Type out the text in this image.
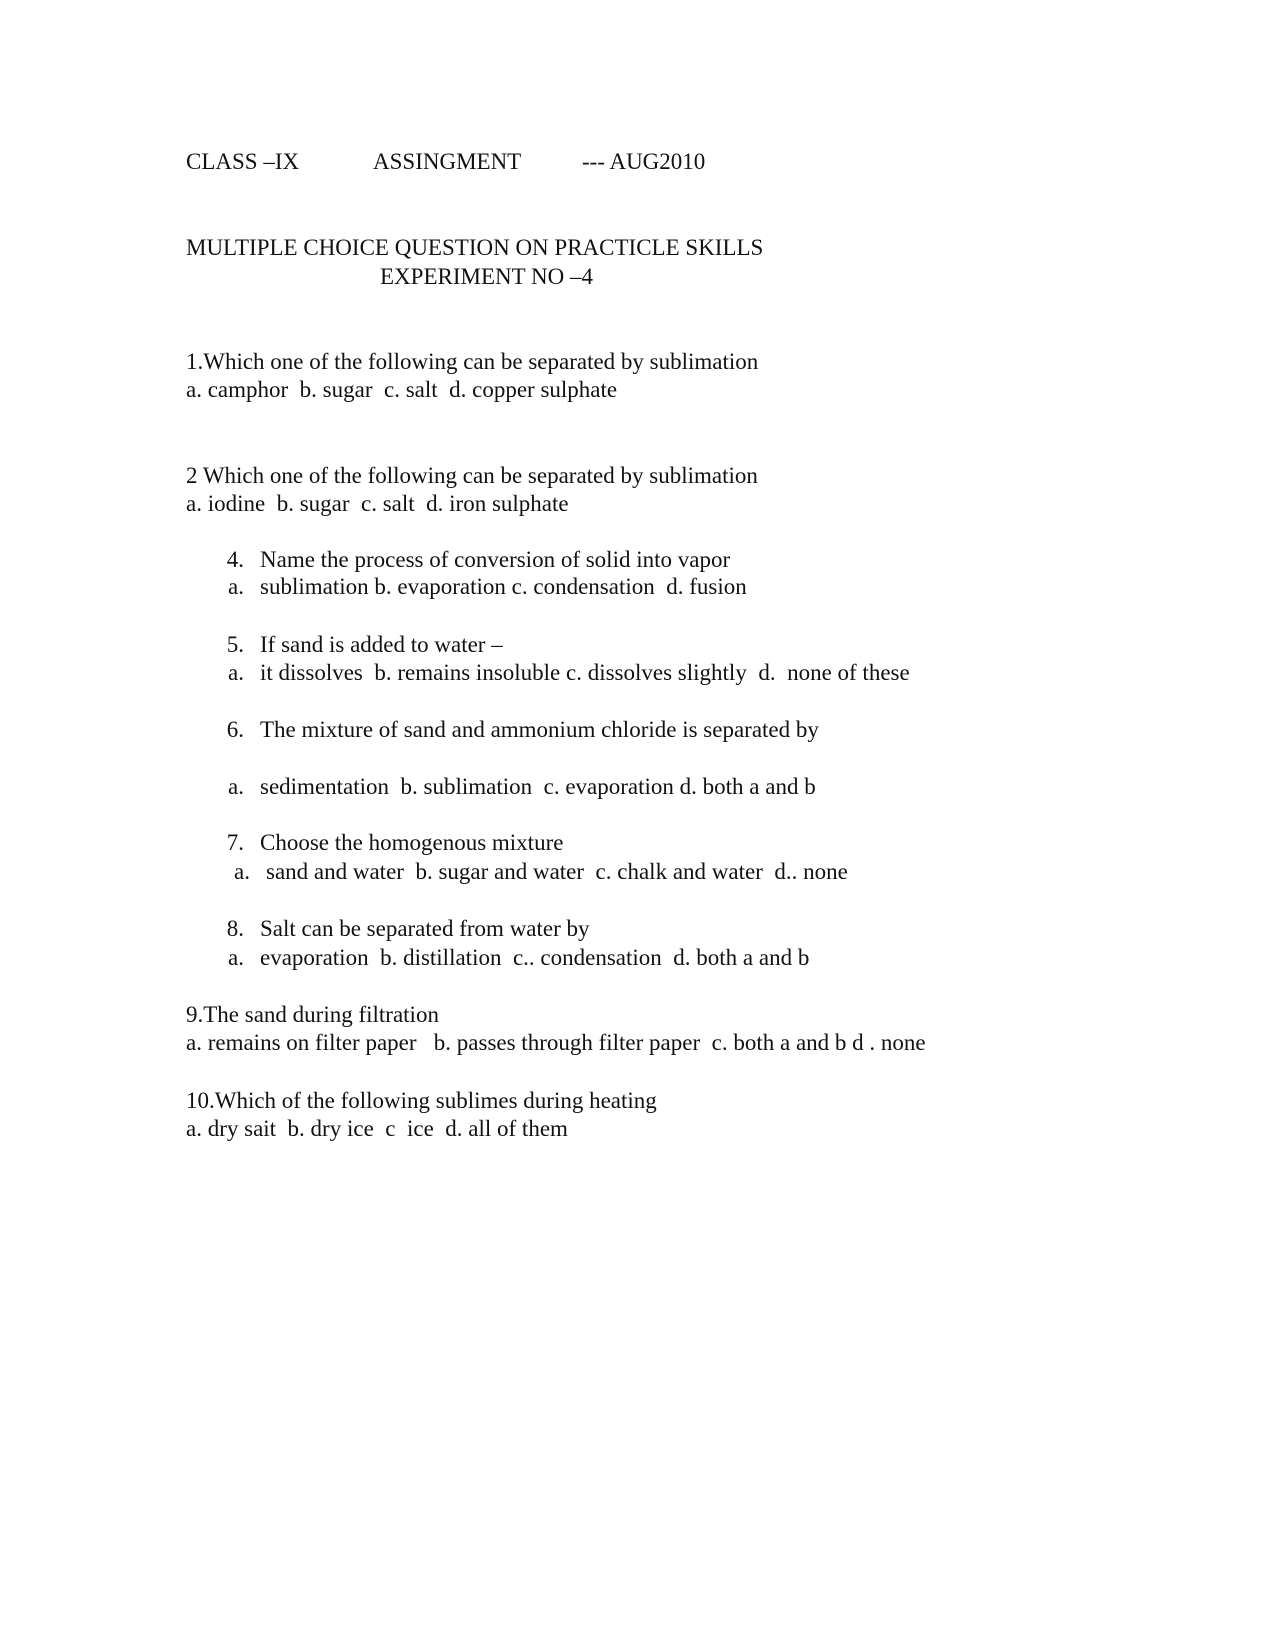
CLASS –IX	ASSINGMENT	--- AUG2010
MULTIPLE CHOICE QUESTION ON PRACTICLE SKILLS
EXPERIMENT NO –4
1.Which one of the following can be separated by sublimation
a. camphor  b. sugar  c. salt  d. copper sulphate
2 Which one of the following can be separated by sublimation
a. iodine  b. sugar  c. salt  d. iron sulphate
4. Name the process of conversion of solid into vapor
a. sublimation b. evaporation c. condensation  d. fusion
5. If sand is added to water –
a. it dissolves  b. remains insoluble c. dissolves slightly  d.  none of these
6. The mixture of sand and ammonium chloride is separated by
a. sedimentation  b. sublimation  c. evaporation d. both a and b
7. Choose the homogenous mixture
a. sand and water  b. sugar and water  c. chalk and water  d.. none
8. Salt can be separated from water by
a. evaporation  b. distillation  c.. condensation  d. both a and b
9.The sand during filtration
a. remains on filter paper   b. passes through filter paper  c. both a and b d . none
10.Which of the following sublimes during heating
a. dry sait  b. dry ice  c  ice  d. all of them
